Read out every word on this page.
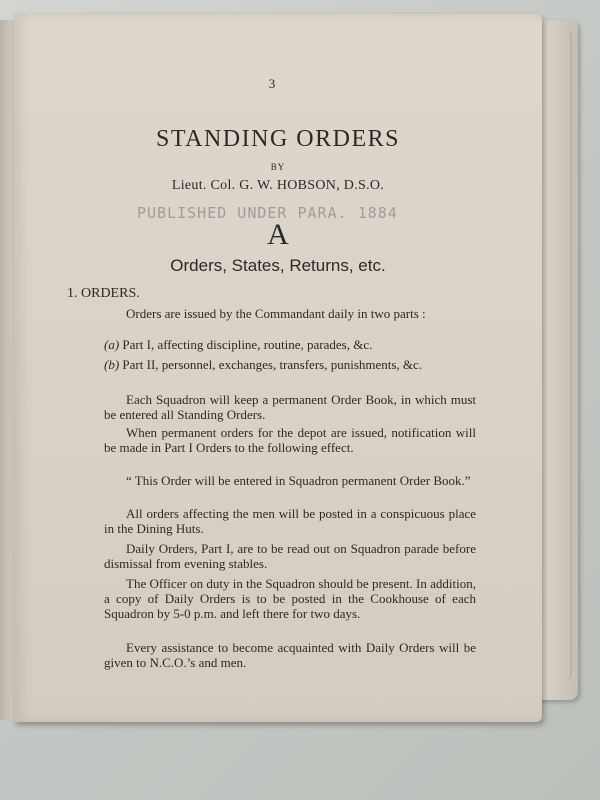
3
STANDING ORDERS
BY
Lieut. Col. G. W. HOBSON, D.S.O.
PUBLISHED UNDER PARA. 1884
A
Orders, States, Returns, etc.
1. ORDERS.
Orders are issued by the Commandant daily in two parts :
(a) Part I, affecting discipline, routine, parades, &c.
(b) Part II, personnel, exchanges, transfers, punishments, &c.
Each Squadron will keep a permanent Order Book, in which must be entered all Standing Orders.
When permanent orders for the depot are issued, notification will be made in Part I Orders to the following effect.
“ This Order will be entered in Squadron permanent Order Book.”
All orders affecting the men will be posted in a conspicuous place in the Dining Huts.
Daily Orders, Part I, are to be read out on Squadron parade before dismissal from evening stables.
The Officer on duty in the Squadron should be present. In addition, a copy of Daily Orders is to be posted in the Cookhouse of each Squadron by 5-0 p.m. and left there for two days.
Every assistance to become acquainted with Daily Orders will be given to N.C.O.’s and men.
